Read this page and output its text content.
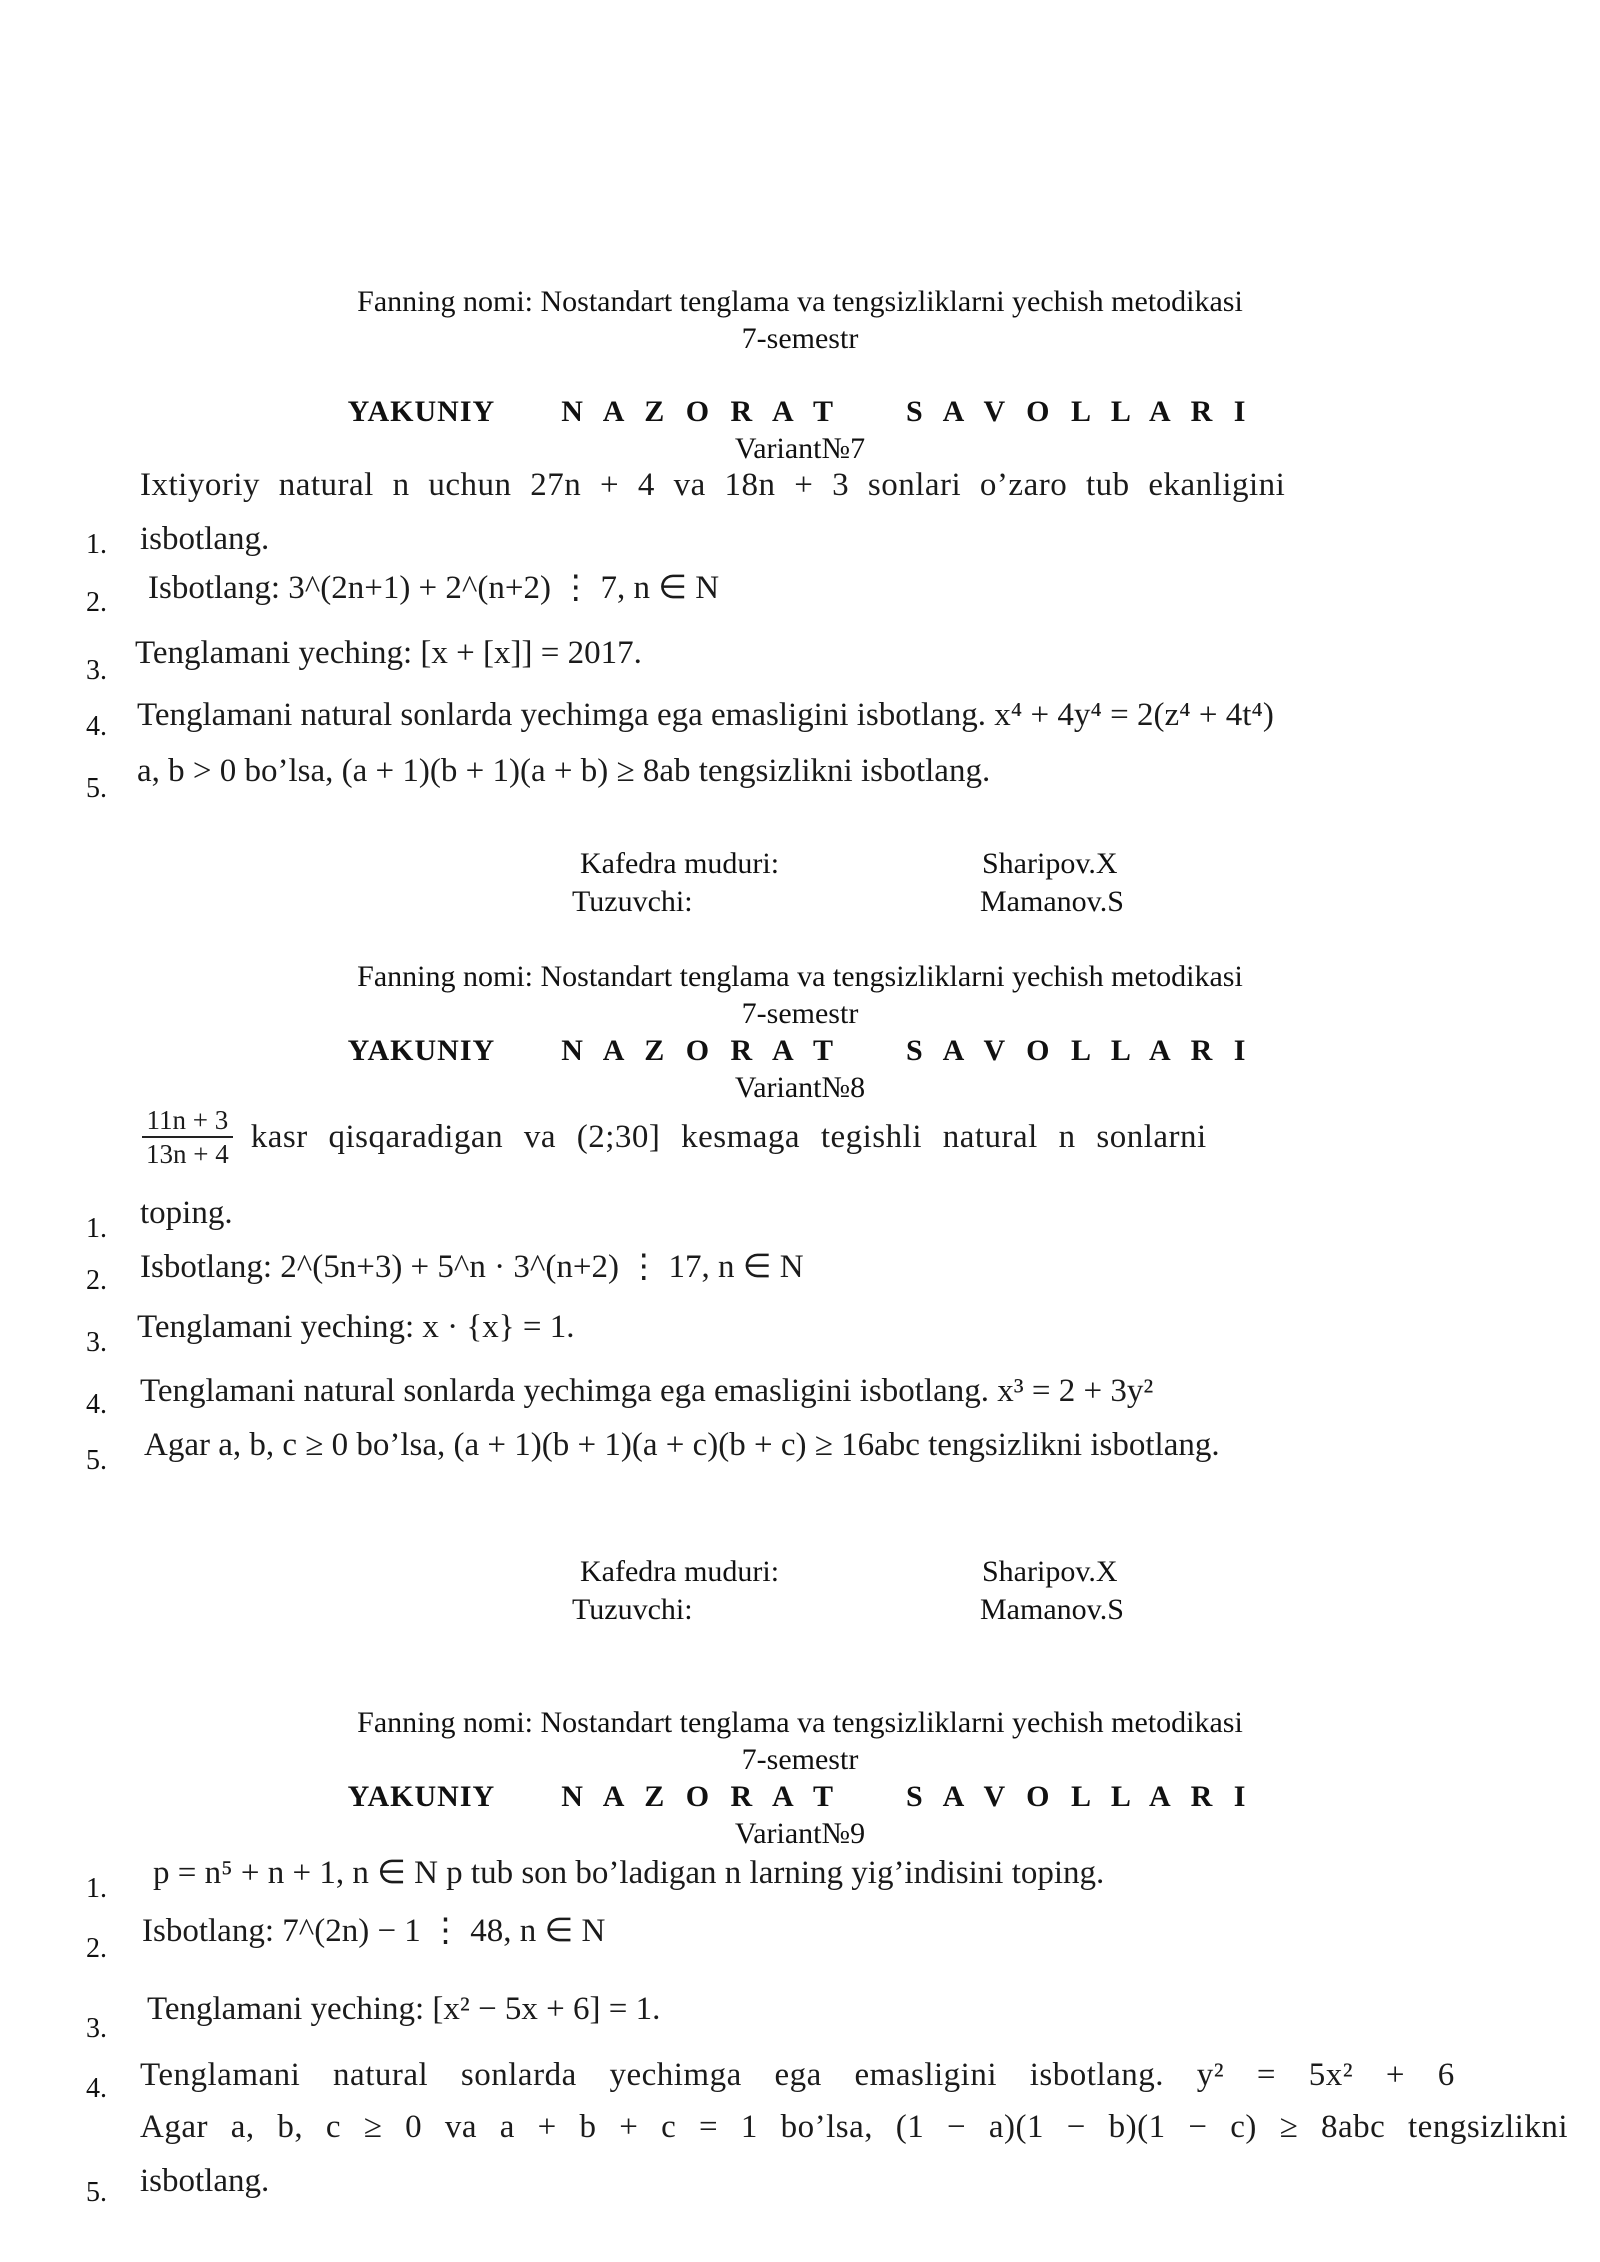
Fanning nomi: Nostandart tenglama va tengsizliklarni yechish metodikasi
7-semestr
YAKUNIY N A Z O R A T S A V O L L A R I
Variant№7
1.
2.
3.
4.
5.
Ixtiyoriy natural n uchun 27n + 4 va 18n + 3 sonlari o’zaro tub ekanligini
isbotlang.
Isbotlang: 3^(2n+1) + 2^(n+2) ⋮ 7, n ∈ N
Tenglamani yeching: [x + [x]] = 2017.
Tenglamani natural sonlarda yechimga ega emasligini isbotlang. x⁴ + 4y⁴ = 2(z⁴ + 4t⁴)
a, b > 0 bo’lsa, (a + 1)(b + 1)(a + b) ≥ 8ab tengsizlikni isbotlang.
Kafedra muduri:	Sharipov.X
Tuzuvchi:	Mamanov.S
Fanning nomi: Nostandart tenglama va tengsizliklarni yechish metodikasi
7-semestr
YAKUNIY N A Z O R A T S A V O L L A R I
Variant№8
1.
2.
3.
4.
5.
$\frac{11n + 3}{13n + 4}$ kasr qisqaradigan va (2;30] kesmaga tegishli natural n sonlarni
toping.
Isbotlang: 2^(5n+3) + 5^n · 3^(n+2) ⋮ 17, n ∈ N
Tenglamani yeching: x · {x} = 1.
Tenglamani natural sonlarda yechimga ega emasligini isbotlang. x³ = 2 + 3y²
Agar a, b, c ≥ 0 bo’lsa, (a + 1)(b + 1)(a + c)(b + c) ≥ 16abc tengsizlikni isbotlang.
Kafedra muduri:	Sharipov.X
Tuzuvchi:	Mamanov.S
Fanning nomi: Nostandart tenglama va tengsizliklarni yechish metodikasi
7-semestr
YAKUNIY N A Z O R A T S A V O L L A R I
Variant№9
1.
2.
3.
4.
5.
p = n⁵ + n + 1, n ∈ N p tub son bo’ladigan n larning yig’indisini toping.
Isbotlang: 7^(2n) − 1 ⋮ 48, n ∈ N
Tenglamani yeching: [x² − 5x + 6] = 1.
Tenglamani natural sonlarda yechimga ega emasligini isbotlang. y² = 5x² + 6
Agar a, b, c ≥ 0 va a + b + c = 1 bo’lsa, (1 − a)(1 − b)(1 − c) ≥ 8abc tengsizlikni
isbotlang.
